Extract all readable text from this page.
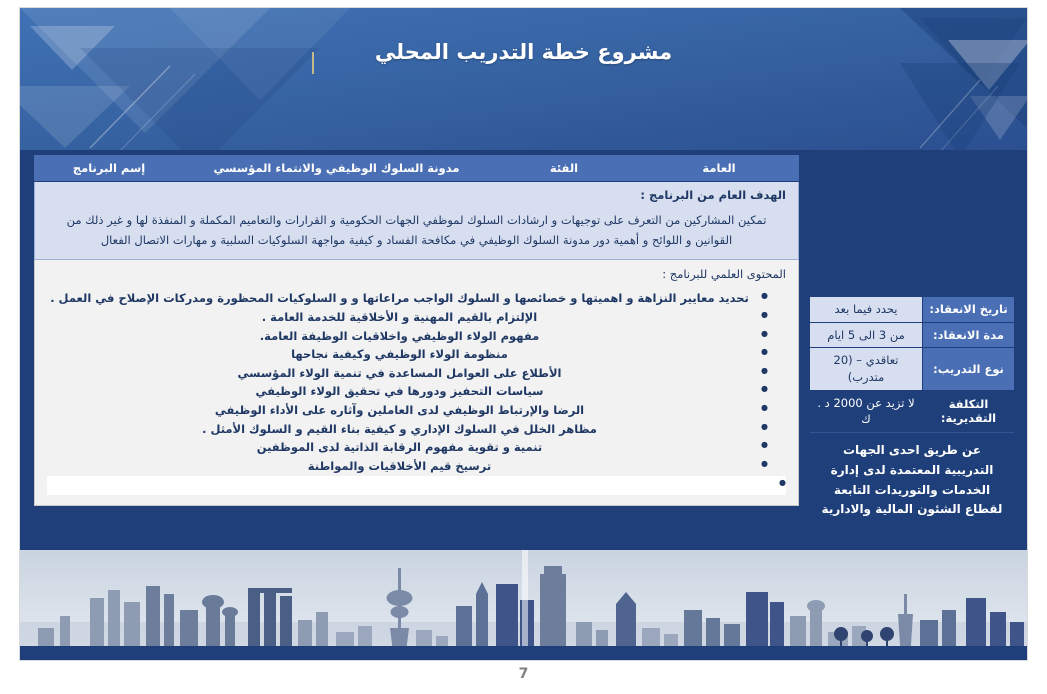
مشروع خطة التدريب المحلي
العامة
الفئة
مدونة السلوك الوظيفي والانتماء المؤسسي
إسم البرنامج
الهدف العام من البرنامج :
تمكين المشاركين من التعرف على توجيهات و ارشادات السلوك لموظفي الجهات الحكومية و القرارات والتعاميم المكملة و المنفذة لها و غير ذلك من القوانين و اللوائح و أهمية دور مدونة السلوك الوظيفي في مكافحة الفساد و كيفية مواجهة السلوكيات السلبية و مهارات الاتصال الفعال
المحتوى العلمي للبرنامج :
● تحديد معايير النزاهة و اهميتها و خصائصها و السلوك الواجب مراعاتها و و السلوكيات المحظورة ومدركات الإصلاح في العمل .
● الإلتزام بالقيم المهنية و الأخلاقية للخدمة العامة .
● مفهوم الولاء الوظيفي واخلاقيات الوظيفة العامة.
● منظومة الولاء الوظيفي وكيفية نجاحها
● الأطلاع على العوامل المساعدة في تنمية الولاء المؤسسي
● سياسات التحفيز ودورها في تحقيق الولاء الوظيفي
● الرضا والإرتباط الوظيفي لدى العاملين وآثاره على الأداء الوظيفي
● مظاهر الخلل في السلوك الإداري و كيفية بناء القيم و السلوك الأمثل .
● تنمية و تقوية مفهوم الرقابة الذاتية لدى الموظفين
● ترسيخ قيم الأخلاقيات والمواطنة
●
تاريخ الانعقاد:
يحدد فيما بعد
مدة الانعقاد:
من 3 الى 5 ايام
نوع التدريب:
تعاقدي – (20 متدرب)
التكلفة التقديرية:
لا تزيد عن 2000 د . ك
عن طريق احدى الجهات التدريبية المعتمدة لدى إدارة الخدمات والتوريدات التابعة لقطاع الشئون المالية والادارية
7
